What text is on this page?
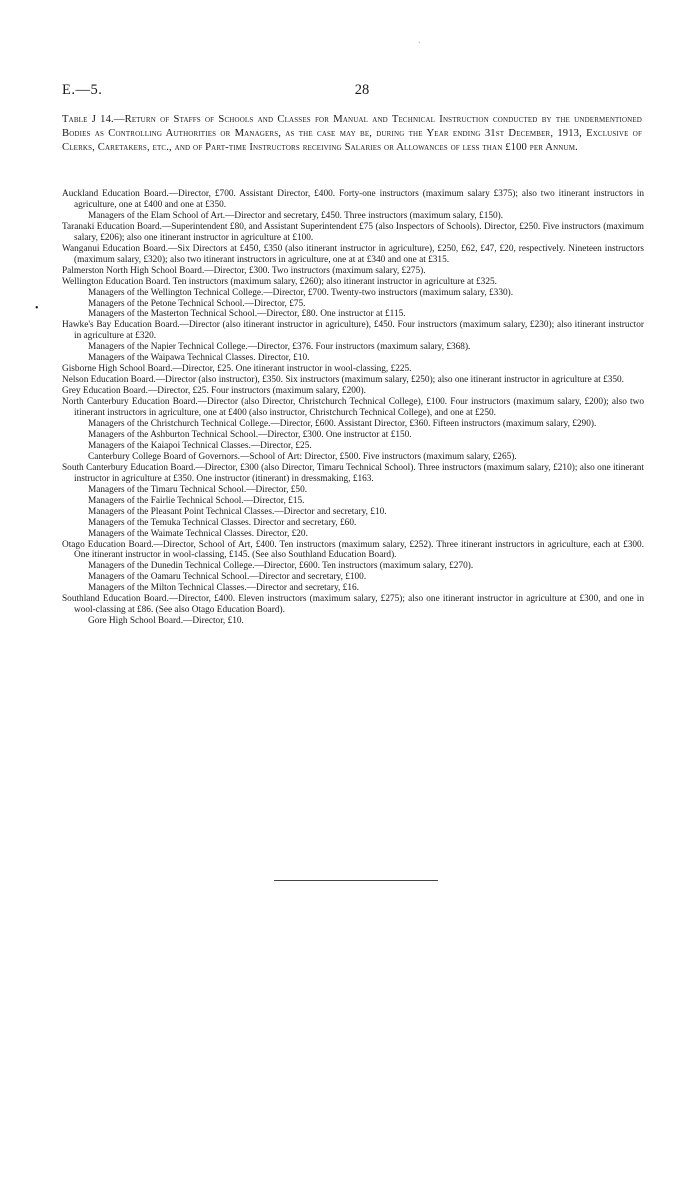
E.—5.	28
Table J 14.—Return of Staffs of Schools and Classes for Manual and Technical Instruction conducted by the undermentioned Bodies as Controlling Authorities or Managers, as the case may be, during the Year ending 31st December, 1913, Exclusive of Clerks, Caretakers, etc., and of Part-time Instructors receiving Salaries or Allowances of less than £100 per Annum.
•

Auckland Education Board.—Director, £700. Assistant Director, £400. Forty-one instructors (maximum salary £375); also two itinerant instructors in agriculture, one at £400 and one at £350.

Managers of the Elam School of Art.—Director and secretary, £450. Three instructors (maximum salary, £150).

Taranaki Education Board.—Superintendent £80, and Assistant Superintendent £75 (also Inspectors of Schools). Director, £250. Five instructors (maximum salary, £206); also one itinerant instructor in agriculture at £100.

Wanganui Education Board.—Six Directors at £450, £350 (also itinerant instructor in agriculture), £250, £62, £47, £20, respectively. Nineteen instructors (maximum salary, £320); also two itinerant instructors in agriculture, one at at £340 and one at £315.

Palmerston North High School Board.—Director, £300. Two instructors (maximum salary, £275).

Wellington Education Board. Ten instructors (maximum salary, £260); also itinerant instructor in agriculture at £325.

Managers of the Wellington Technical College.—Director, £700. Twenty-two instructors (maximum salary, £330).

Managers of the Petone Technical School.—Director, £75.

Managers of the Masterton Technical School.—Director, £80. One instructor at £115.

Hawke's Bay Education Board.—Director (also itinerant instructor in agriculture), £450. Four instructors (maximum salary, £230); also itinerant instructor in agriculture at £320.

Managers of the Napier Technical College.—Director, £376. Four instructors (maximum salary, £368).

Managers of the Waipawa Technical Classes. Director, £10.

Gisborne High School Board.—Director, £25. One itinerant instructor in wool-classing, £225.

Nelson Education Board.—Director (also instructor), £350. Six instructors (maximum salary, £250); also one itinerant instructor in agriculture at £350.

Grey Education Board.—Director, £25. Four instructors (maximum salary, £200).

North Canterbury Education Board.—Director (also Director, Christchurch Technical College), £100. Four instructors (maximum salary, £200); also two itinerant instructors in agriculture, one at £400 (also instructor, Christchurch Technical College), and one at £250.

Managers of the Christchurch Technical College.—Director, £600. Assistant Director, £360. Fifteen instructors (maximum salary, £290).

Managers of the Ashburton Technical School.—Director, £300. One instructor at £150.

Managers of the Kaiapoi Technical Classes.—Director, £25.

Canterbury College Board of Governors.—School of Art: Director, £500. Five instructors (maximum salary, £265).

South Canterbury Education Board.—Director, £300 (also Director, Timaru Technical School). Three instructors (maximum salary, £210); also one itinerant instructor in agriculture at £350. One instructor (itinerant) in dressmaking, £163.

Managers of the Timaru Technical School.—Director, £50.

Managers of the Fairlie Technical School.—Director, £15.

Managers of the Pleasant Point Technical Classes.—Director and secretary, £10.

Managers of the Temuka Technical Classes. Director and secretary, £60.

Managers of the Waimate Technical Classes. Director, £20.

Otago Education Board.—Director, School of Art, £400. Ten instructors (maximum salary, £252). Three itinerant instructors in agriculture, each at £300. One itinerant instructor in wool-classing, £145. (See also Southland Education Board).

Managers of the Dunedin Technical College.—Director, £600. Ten instructors (maximum salary, £270).

Managers of the Oamaru Technical School.—Director and secretary, £100.

Managers of the Milton Technical Classes.—Director and secretary, £16.

Southland Education Board.—Director, £400. Eleven instructors (maximum salary, £275); also one itinerant instructor in agriculture at £300, and one in wool-classing at £86. (See also Otago Education Board).

Gore High School Board.—Director, £10.

ˏ
